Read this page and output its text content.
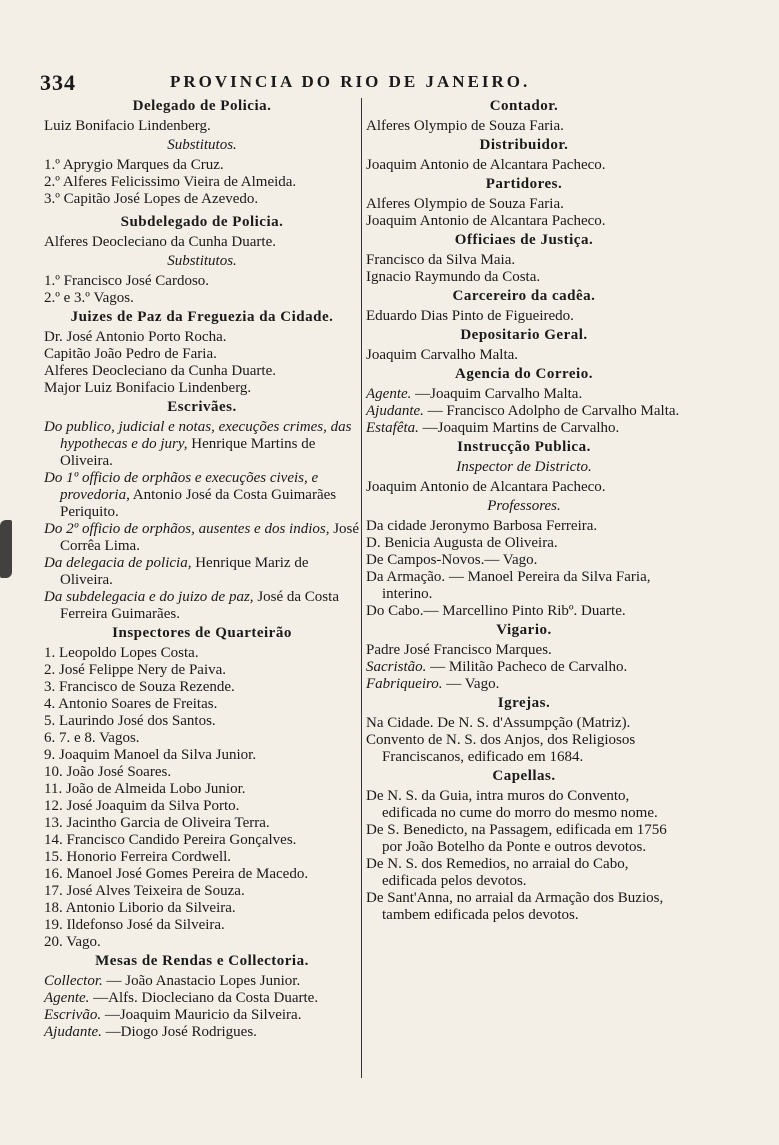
334	PROVINCIA DO RIO DE JANEIRO.
Delegado de Policia.
Luiz Bonifacio Lindenberg.
Substitutos.
1.º Aprygio Marques da Cruz.
2.º Alferes Felicissimo Vieira de Almeida.
3.º Capitão José Lopes de Azevedo.
Subdelegado de Policia.
Alferes Deocleciano da Cunha Duarte.
Substitutos.
1.º Francisco José Cardoso.
2.º e 3.º Vagos.
Juizes de Paz da Freguezia da Cidade.
Dr. José Antonio Porto Rocha.
Capitão João Pedro de Faria.
Alferes Deocleciano da Cunha Duarte.
Major Luiz Bonifacio Lindenberg.
Escrivães.
Do publico, judicial e notas, execuções crimes, das hypothecas e do jury, Henrique Martins de Oliveira.
Do 1º officio de orphãos e execuções civeis, e provedoria, Antonio José da Costa Guimarães Periquito.
Do 2º officio de orphãos, ausentes e dos indios, José Corrêa Lima.
Da delegacia de policia, Henrique Mariz de Oliveira.
Da subdelegacia e do juizo de paz, José da Costa Ferreira Guimarães.
Inspectores de Quarteirão
1. Leopoldo Lopes Costa.
2. José Felippe Nery de Paiva.
3. Francisco de Souza Rezende.
4. Antonio Soares de Freitas.
5. Laurindo José dos Santos.
6. 7. e 8. Vagos.
9. Joaquim Manoel da Silva Junior.
10. João José Soares.
11. João de Almeida Lobo Junior.
12. José Joaquim da Silva Porto.
13. Jacintho Garcia de Oliveira Terra.
14. Francisco Candido Pereira Gonçalves.
15. Honorio Ferreira Cordwell.
16. Manoel José Gomes Pereira de Macedo.
17. José Alves Teixeira de Souza.
18. Antonio Liborio da Silveira.
19. Ildefonso José da Silveira.
20. Vago.
Mesas de Rendas e Collectoria.
Collector. — João Anastacio Lopes Junior.
Agente. —Alfs. Diocleciano da Costa Duarte.
Escrivão. —Joaquim Mauricio da Silveira.
Ajudante. —Diogo José Rodrigues.
Contador.
Alferes Olympio de Souza Faria.
Distribuidor.
Joaquim Antonio de Alcantara Pacheco.
Partidores.
Alferes Olympio de Souza Faria.
Joaquim Antonio de Alcantara Pacheco.
Officiaes de Justiça.
Francisco da Silva Maia.
Ignacio Raymundo da Costa.
Carcereiro da cadêa.
Eduardo Dias Pinto de Figueiredo.
Depositario Geral.
Joaquim Carvalho Malta.
Agencia do Correio.
Agente. —Joaquim Carvalho Malta.
Ajudante. — Francisco Adolpho de Carvalho Malta.
Estafêta. —Joaquim Martins de Carvalho.
Instrucção Publica.
Inspector de Districto.
Joaquim Antonio de Alcantara Pacheco.
Professores.
Da cidade Jeronymo Barbosa Ferreira.
D. Benicia Augusta de Oliveira.
De Campos-Novos.— Vago.
Da Armação. — Manoel Pereira da Silva Faria, interino.
Do Cabo.— Marcellino Pinto Ribº. Duarte.
Vigario.
Padre José Francisco Marques.
Sacristão. — Militão Pacheco de Carvalho.
Fabriqueiro. — Vago.
Igrejas.
Na Cidade. De N. S. d'Assumpção (Matriz).
Convento de N. S. dos Anjos, dos Religiosos Franciscanos, edificado em 1684.
Capellas.
De N. S. da Guia, intra muros do Convento, edificada no cume do morro do mesmo nome.
De S. Benedicto, na Passagem, edificada em 1756 por João Botelho da Ponte e outros devotos.
De N. S. dos Remedios, no arraial do Cabo, edificada pelos devotos.
De Sant'Anna, no arraial da Armação dos Buzios, tambem edificada pelos devotos.
